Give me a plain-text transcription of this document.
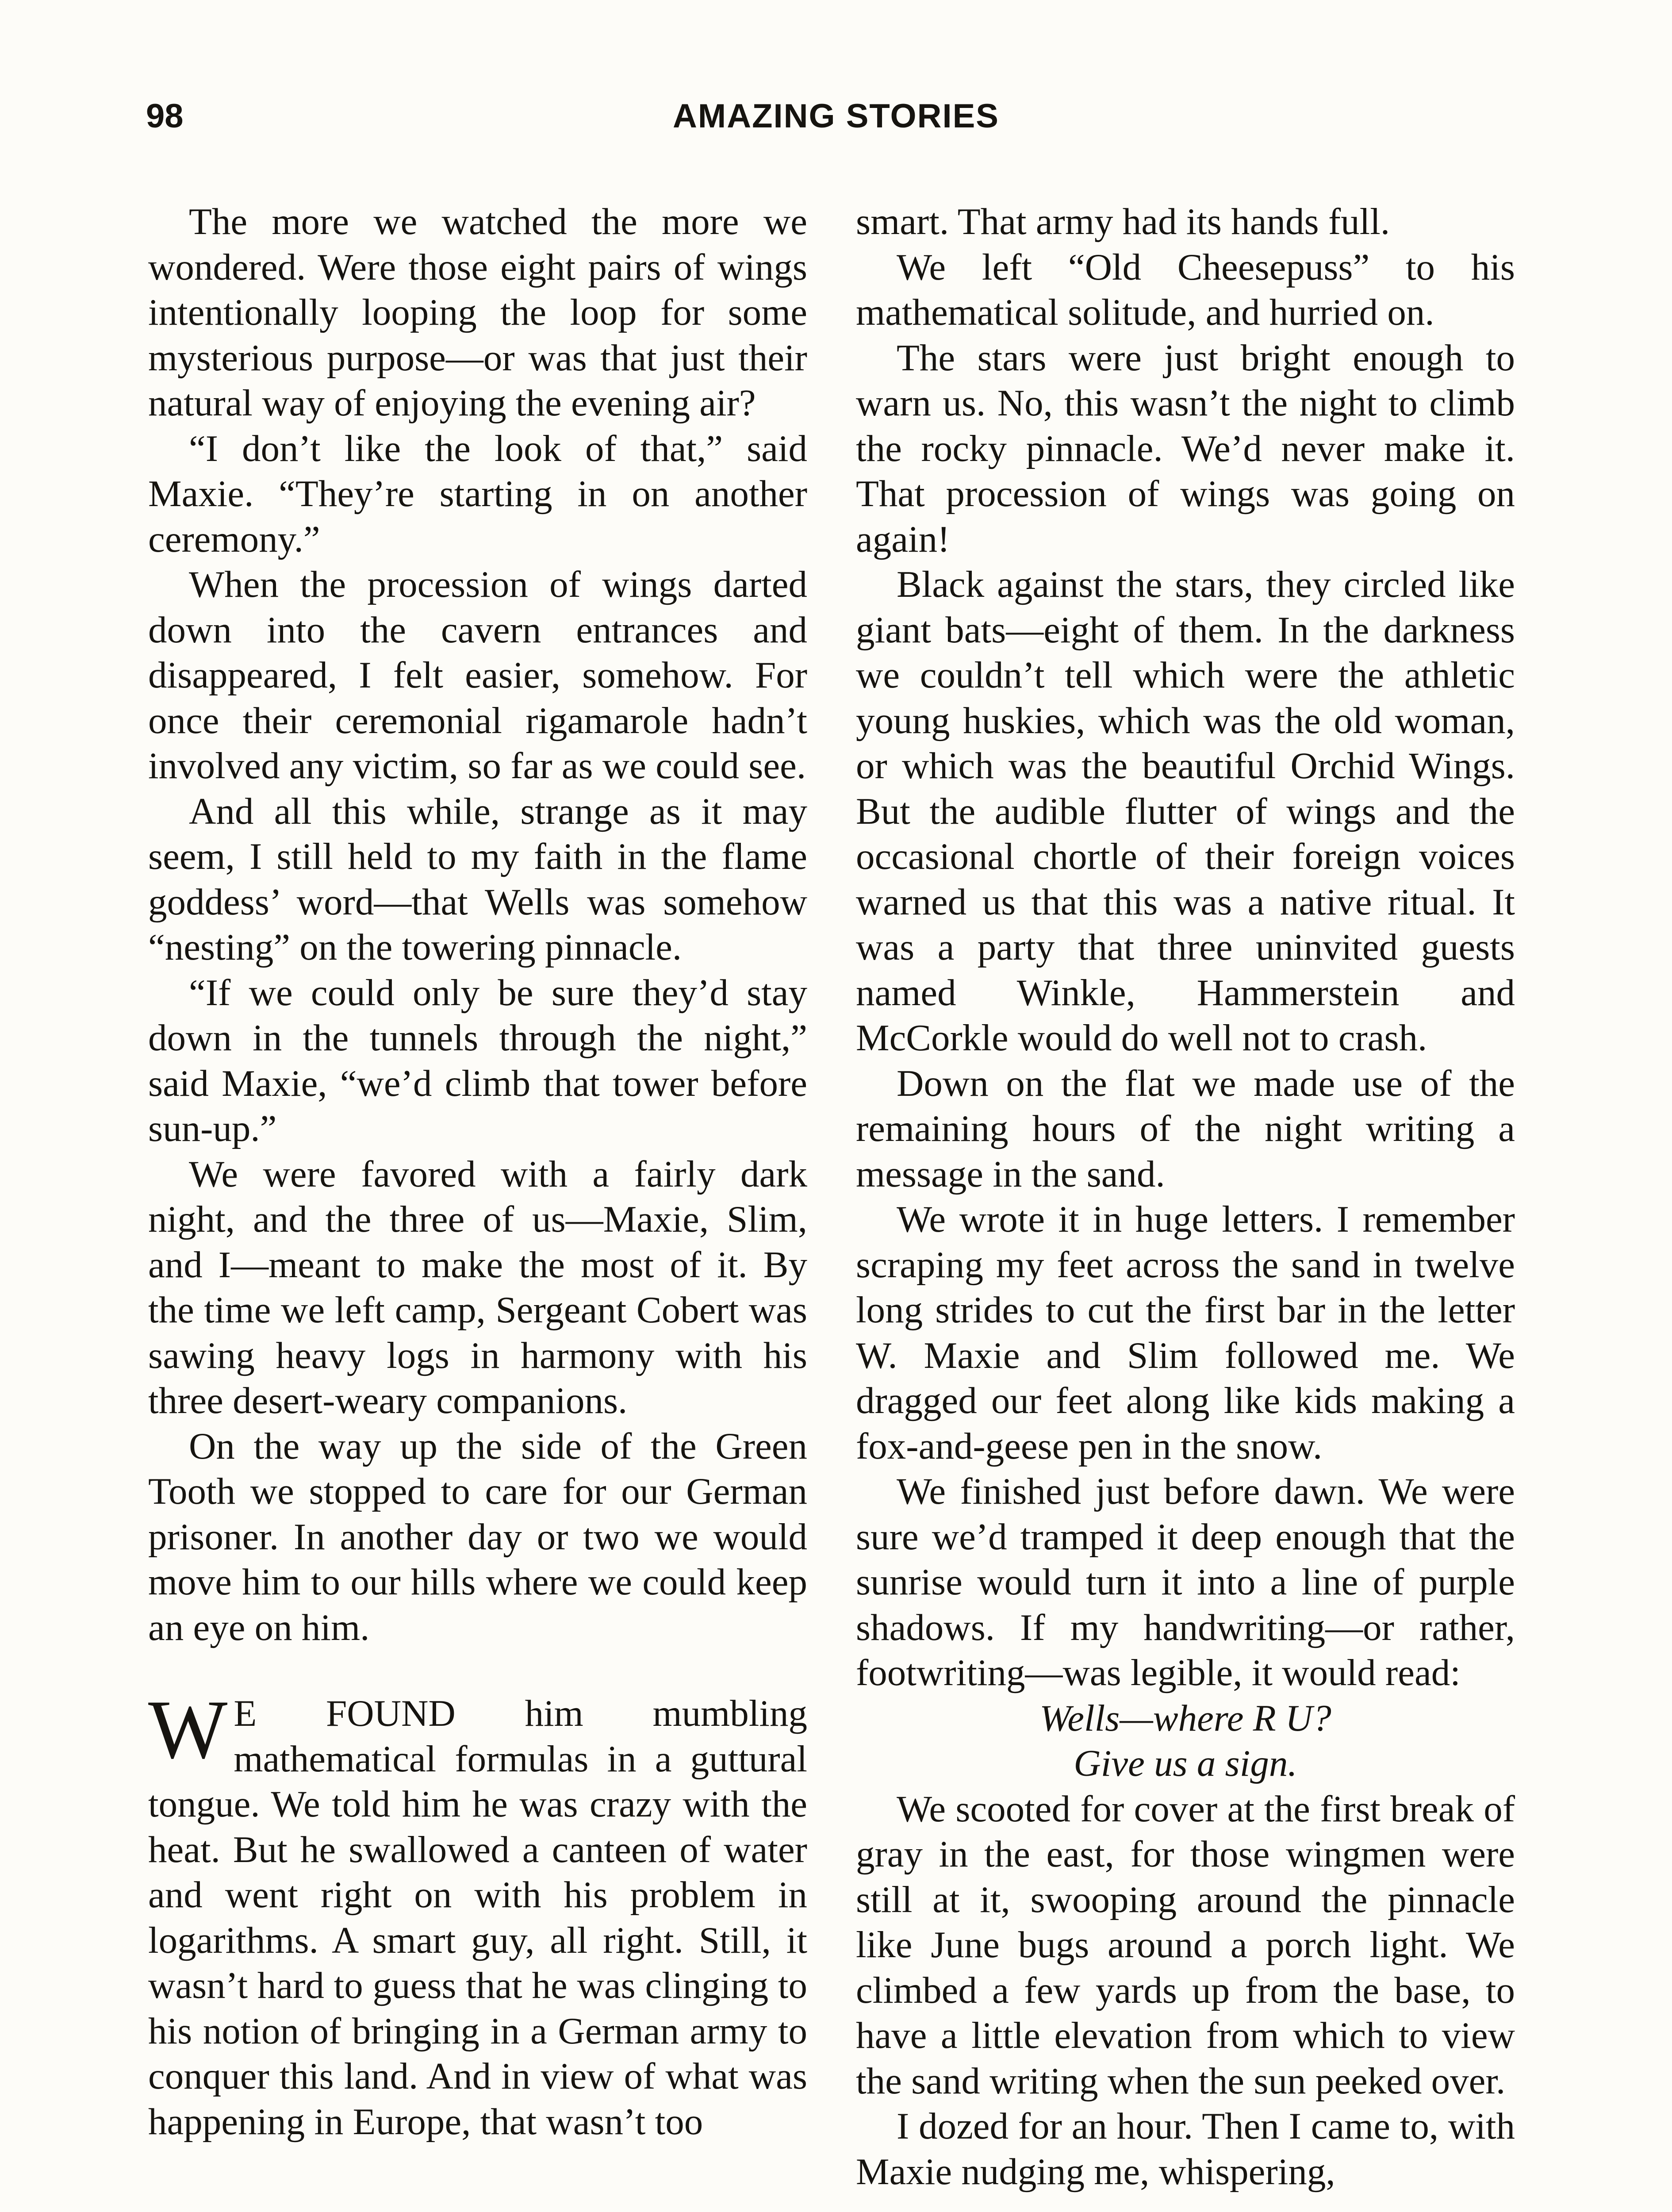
98	AMAZING STORIES

The more we watched the more we wondered. Were those eight pairs of wings intentionally looping the loop for some mysterious purpose—or was that just their natural way of enjoying the evening air?

“I don’t like the look of that,” said Maxie. “They’re starting in on another ceremony.”

When the procession of wings darted down into the cavern entrances and disappeared, I felt easier, somehow. For once their ceremonial rigamarole hadn’t involved any victim, so far as we could see.

And all this while, strange as it may seem, I still held to my faith in the flame goddess’ word—that Wells was somehow “nesting” on the towering pinnacle.

“If we could only be sure they’d stay down in the tunnels through the night,” said Maxie, “we’d climb that tower before sun-up.”

We were favored with a fairly dark night, and the three of us—Maxie, Slim, and I—meant to make the most of it. By the time we left camp, Sergeant Cobert was sawing heavy logs in harmony with his three desert-weary companions.

On the way up the side of the Green Tooth we stopped to care for our German prisoner. In another day or two we would move him to our hills where we could keep an eye on him.

WE FOUND him mumbling mathematical formulas in a guttural tongue. We told him he was crazy with the heat. But he swallowed a canteen of water and went right on with his problem in logarithms. A smart guy, all right. Still, it wasn’t hard to guess that he was clinging to his notion of bringing in a German army to conquer this land. And in view of what was happening in Europe, that wasn’t too

smart. That army had its hands full.

We left “Old Cheesepuss” to his mathematical solitude, and hurried on.

The stars were just bright enough to warn us. No, this wasn’t the night to climb the rocky pinnacle. We’d never make it. That procession of wings was going on again!

Black against the stars, they circled like giant bats—eight of them. In the darkness we couldn’t tell which were the athletic young huskies, which was the old woman, or which was the beautiful Orchid Wings. But the audible flutter of wings and the occasional chortle of their foreign voices warned us that this was a native ritual. It was a party that three uninvited guests named Winkle, Hammerstein and McCorkle would do well not to crash.

Down on the flat we made use of the remaining hours of the night writing a message in the sand.

We wrote it in huge letters. I remember scraping my feet across the sand in twelve long strides to cut the first bar in the letter W. Maxie and Slim followed me. We dragged our feet along like kids making a fox-and-geese pen in the snow.

We finished just before dawn. We were sure we’d tramped it deep enough that the sunrise would turn it into a line of purple shadows. If my handwriting—or rather, footwriting—was legible, it would read:

Wells—where R U?

Give us a sign.

We scooted for cover at the first break of gray in the east, for those wingmen were still at it, swooping around the pinnacle like June bugs around a porch light. We climbed a few yards up from the base, to have a little elevation from which to view the sand writing when the sun peeked over.

I dozed for an hour. Then I came to, with Maxie nudging me, whispering,
